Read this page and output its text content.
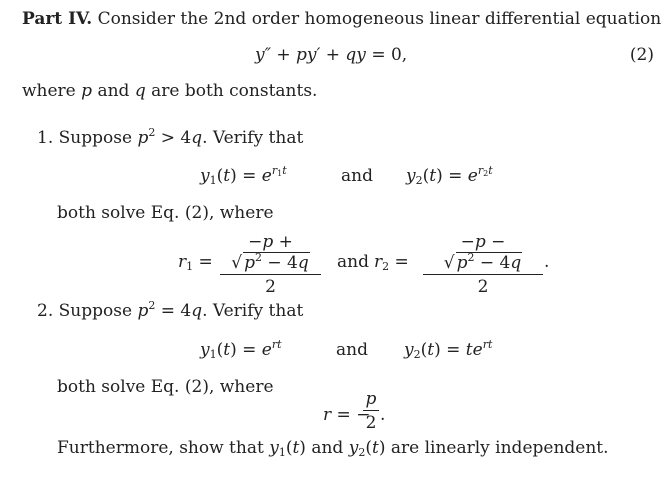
Part IV. Consider the 2nd order homogeneous linear differential equation
y″ + py′ + qy = 0,	(2)
where p and q are both constants.
1. Suppose $p^2 > 4q$. Verify that
$y_1(t) = e^{r_1t}$	and $y_2(t) = e^{r_2t}$
both solve Eq. (2), where
$r_1$ =
−p + √ $p^2 - 4q$
2
and $r_2$ =
−p − √ $p^2 - 4q$
2
.
2. Suppose $p^2 = 4q$. Verify that
$y_1(t) = e^{rt}$	and $y_2(t) = te^{rt}$
both solve Eq. (2), where
r = −
p
2 .
Furthermore, show that $y_1(t)$ and $y_2(t)$ are linearly independent.
